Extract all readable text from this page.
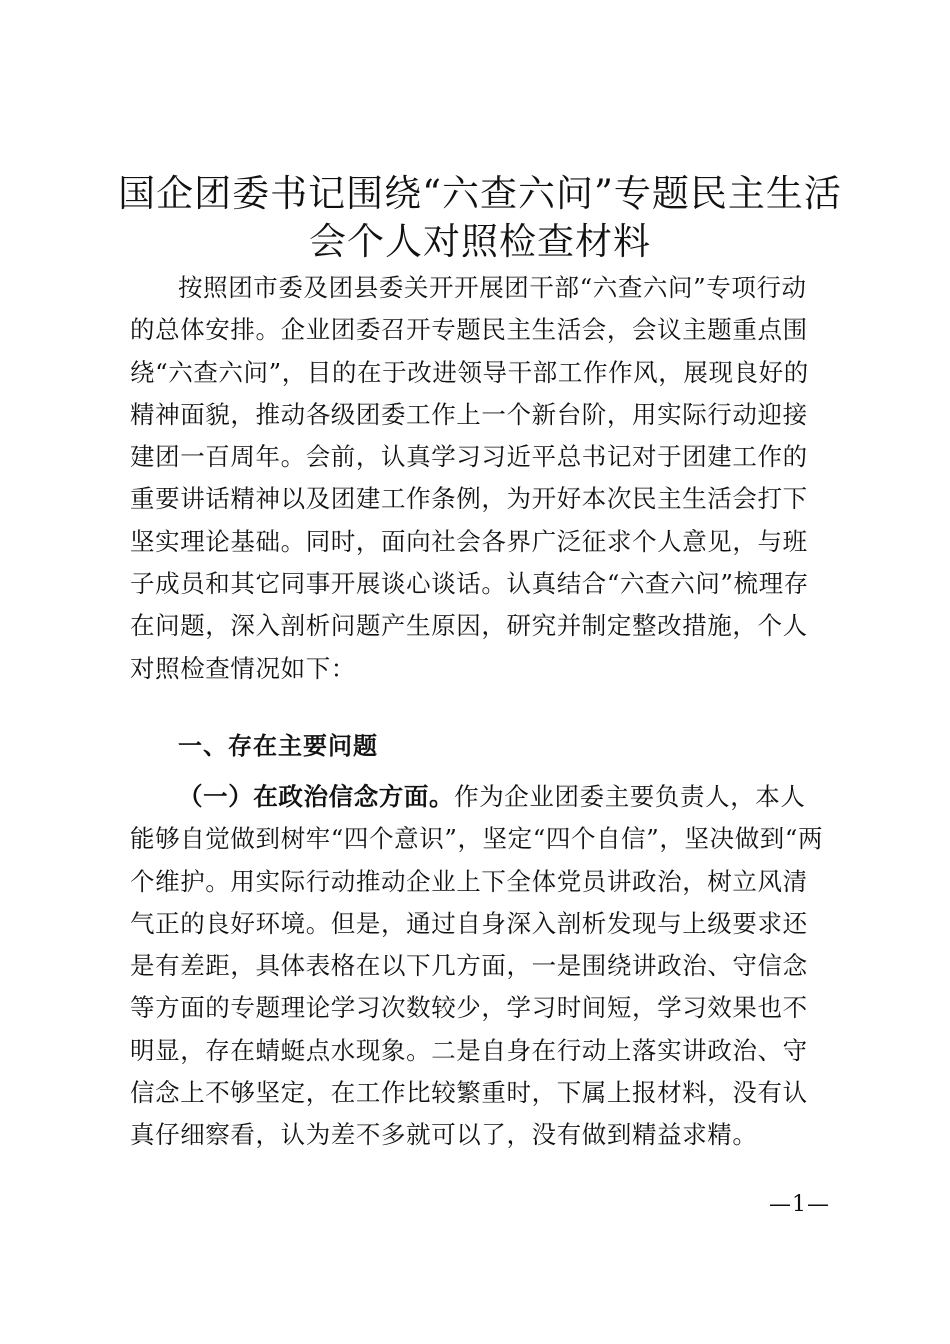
国企团委书记围绕“六查六问”专题民主生活
会个人对照检查材料

按照团市委及团县委关开开展团干部“六查六问”专项行动的总体安排。企业团委召开专题民主生活会，会议主题重点围绕“六查六问”，目的在于改进领导干部工作作风，展现良好的精神面貌，推动各级团委工作上一个新台阶，用实际行动迎接建团一百周年。会前，认真学习习近平总书记对于团建工作的重要讲话精神以及团建工作条例，为开好本次民主生活会打下坚实理论基础。同时，面向社会各界广泛征求个人意见，与班子成员和其它同事开展谈心谈话。认真结合“六查六问”梳理存在问题，深入剖析问题产生原因，研究并制定整改措施，个人对照检查情况如下：

一、存在主要问题

（一）在政治信念方面。作为企业团委主要负责人，本人能够自觉做到树牢“四个意识”，坚定“四个自信”，坚决做到“两个维护。用实际行动推动企业上下全体党员讲政治，树立风清气正的良好环境。但是，通过自身深入剖析发现与上级要求还是有差距，具体表格在以下几方面，一是围绕讲政治、守信念等方面的专题理论学习次数较少，学习时间短，学习效果也不明显，存在蜻蜓点水现象。二是自身在行动上落实讲政治、守信念上不够坚定，在工作比较繁重时，下属上报材料，没有认真仔细察看，认为差不多就可以了，没有做到精益求精。

—1—
